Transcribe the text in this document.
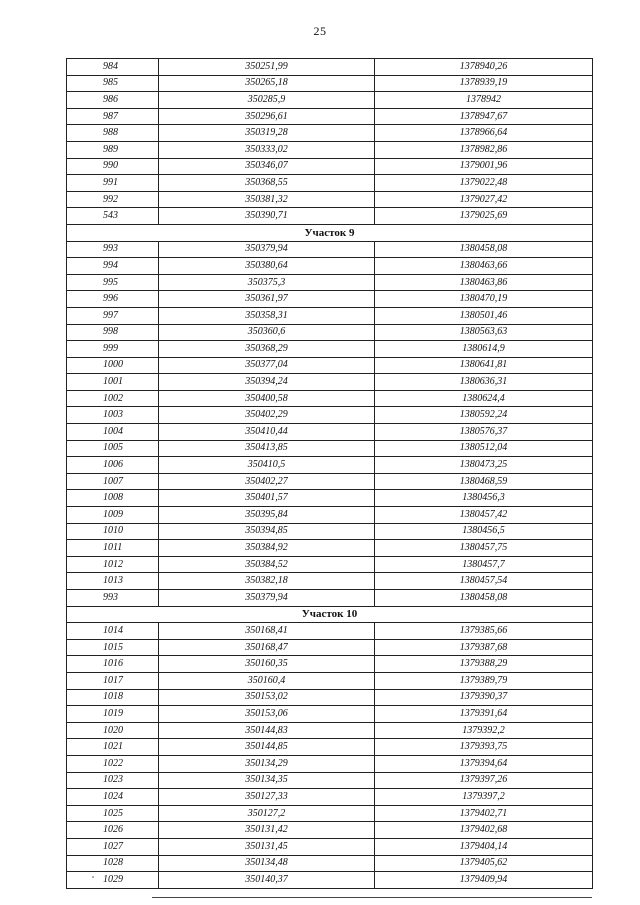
25
984	350251,99	1378940,26
985	350265,18	1378939,19
986	350285,9	1378942
987	350296,61	1378947,67
988	350319,28	1378966,64
989	350333,02	1378982,86
990	350346,07	1379001,96
991	350368,55	1379022,48
992	350381,32	1379027,42
543	350390,71	1379025,69
Участок 9		
993	350379,94	1380458,08
994	350380,64	1380463,66
995	350375,3	1380463,86
996	350361,97	1380470,19
997	350358,31	1380501,46
998	350360,6	1380563,63
999	350368,29	1380614,9
1000	350377,04	1380641,81
1001	350394,24	1380636,31
1002	350400,58	1380624,4
1003	350402,29	1380592,24
1004	350410,44	1380576,37
1005	350413,85	1380512,04
1006	350410,5	1380473,25
1007	350402,27	1380468,59
1008	350401,57	1380456,3
1009	350395,84	1380457,42
1010	350394,85	1380456,5
1011	350384,92	1380457,75
1012	350384,52	1380457,7
1013	350382,18	1380457,54
993	350379,94	1380458,08
Участок 10		
1014	350168,41	1379385,66
1015	350168,47	1379387,68
1016	350160,35	1379388,29
1017	350160,4	1379389,79
1018	350153,02	1379390,37
1019	350153,06	1379391,64
1020	350144,83	1379392,2
1021	350144,85	1379393,75
1022	350134,29	1379394,64
1023	350134,35	1379397,26
1024	350127,33	1379397,2
1025	350127,2	1379402,71
1026	350131,42	1379402,68
1027	350131,45	1379404,14
1028	350134,48	1379405,62
1029	350140,37	1379409,94
